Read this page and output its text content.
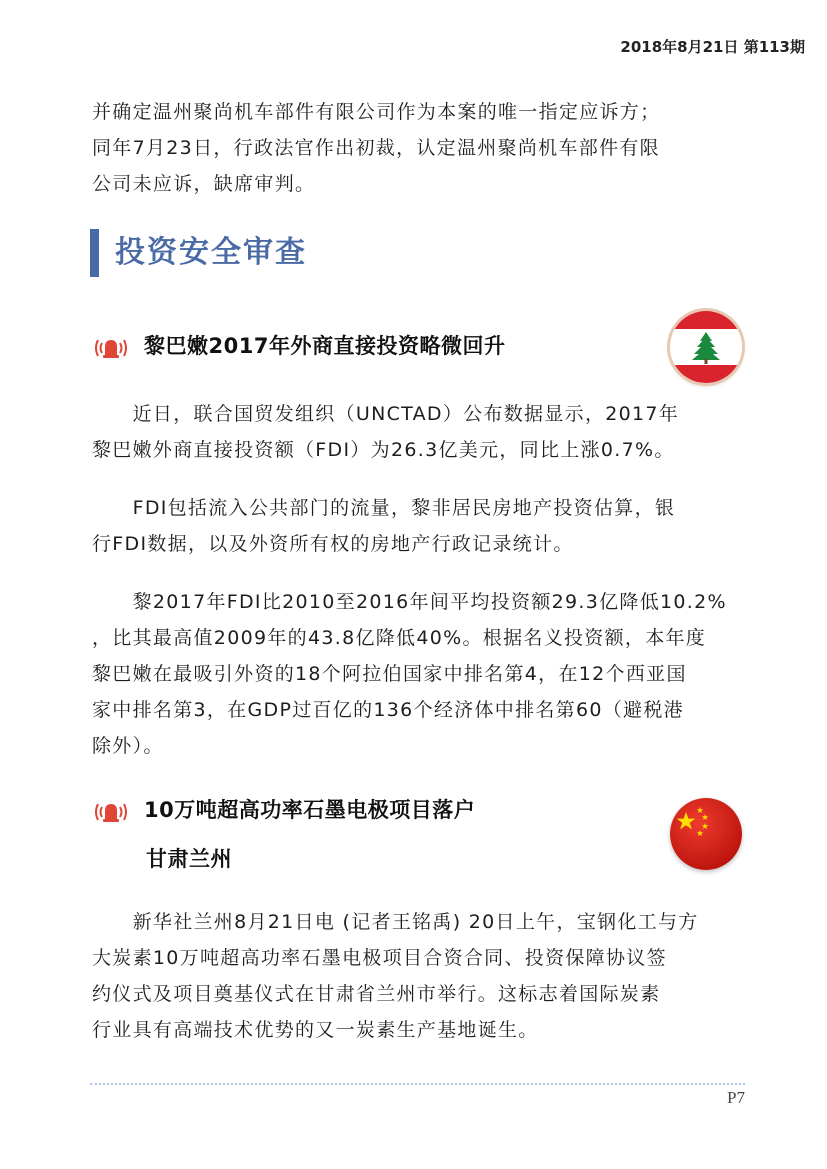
2018年8月21日 第113期

并确定温州聚尚机车部件有限公司作为本案的唯一指定应诉方；
同年7月23日，行政法官作出初裁，认定温州聚尚机车部件有限
公司未应诉，缺席审判。

投资安全审查
黎巴嫩2017年外商直接投资略微回升

　　近日，联合国贸发组织（UNCTAD）公布数据显示，2017年
黎巴嫩外商直接投资额（FDI）为26.3亿美元，同比上涨0.7%。

　　FDI包括流入公共部门的流量，黎非居民房地产投资估算，银
行FDI数据，以及外资所有权的房地产行政记录统计。

　　黎2017年FDI比2010至2016年间平均投资额29.3亿降低10.2%
，比其最高值2009年的43.8亿降低40%。根据名义投资额，本年度
黎巴嫩在最吸引外资的18个阿拉伯国家中排名第4，在12个西亚国
家中排名第3，在GDP过百亿的136个经济体中排名第60（避税港
除外）。

10万吨超高功率石墨电极项目落户
甘肃兰州

　　新华社兰州8月21日电 (记者王铭禹) 20日上午，宝钢化工与方
大炭素10万吨超高功率石墨电极项目合资合同、投资保障协议签
约仪式及项目奠基仪式在甘肃省兰州市举行。这标志着国际炭素
行业具有高端技术优势的又一炭素生产基地诞生。

P7
